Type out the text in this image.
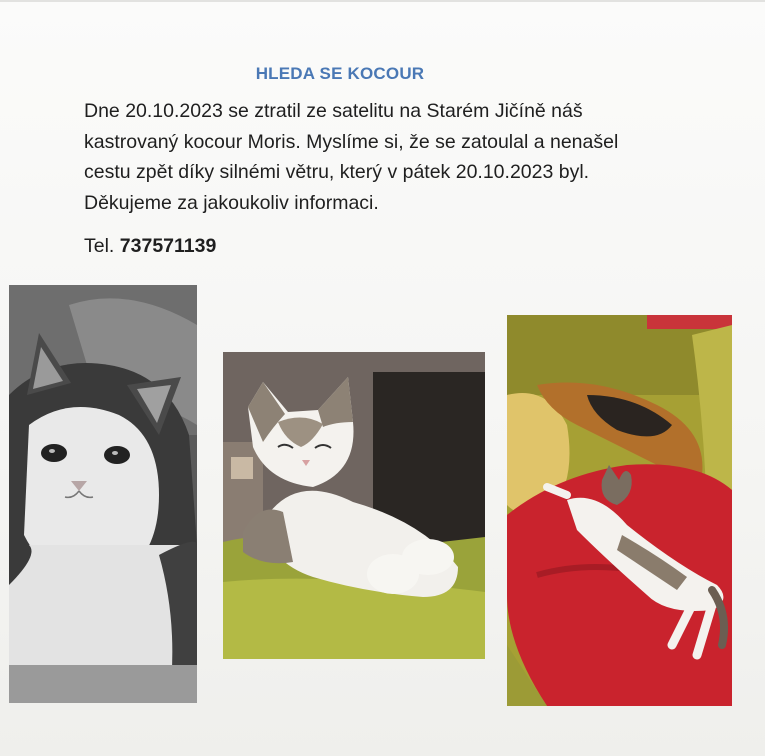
HLEDA SE KOCOUR
Dne 20.10.2023 se ztratil ze satelitu na Starém Jičíně náš
kastrovaný kocour Moris. Myslíme si, že se zatoulal a nenašel
cestu zpět díky silnémi větru, který v pátek 20.10.2023 byl.
Děkujeme za jakoukoliv informaci.
Tel. 737571139
